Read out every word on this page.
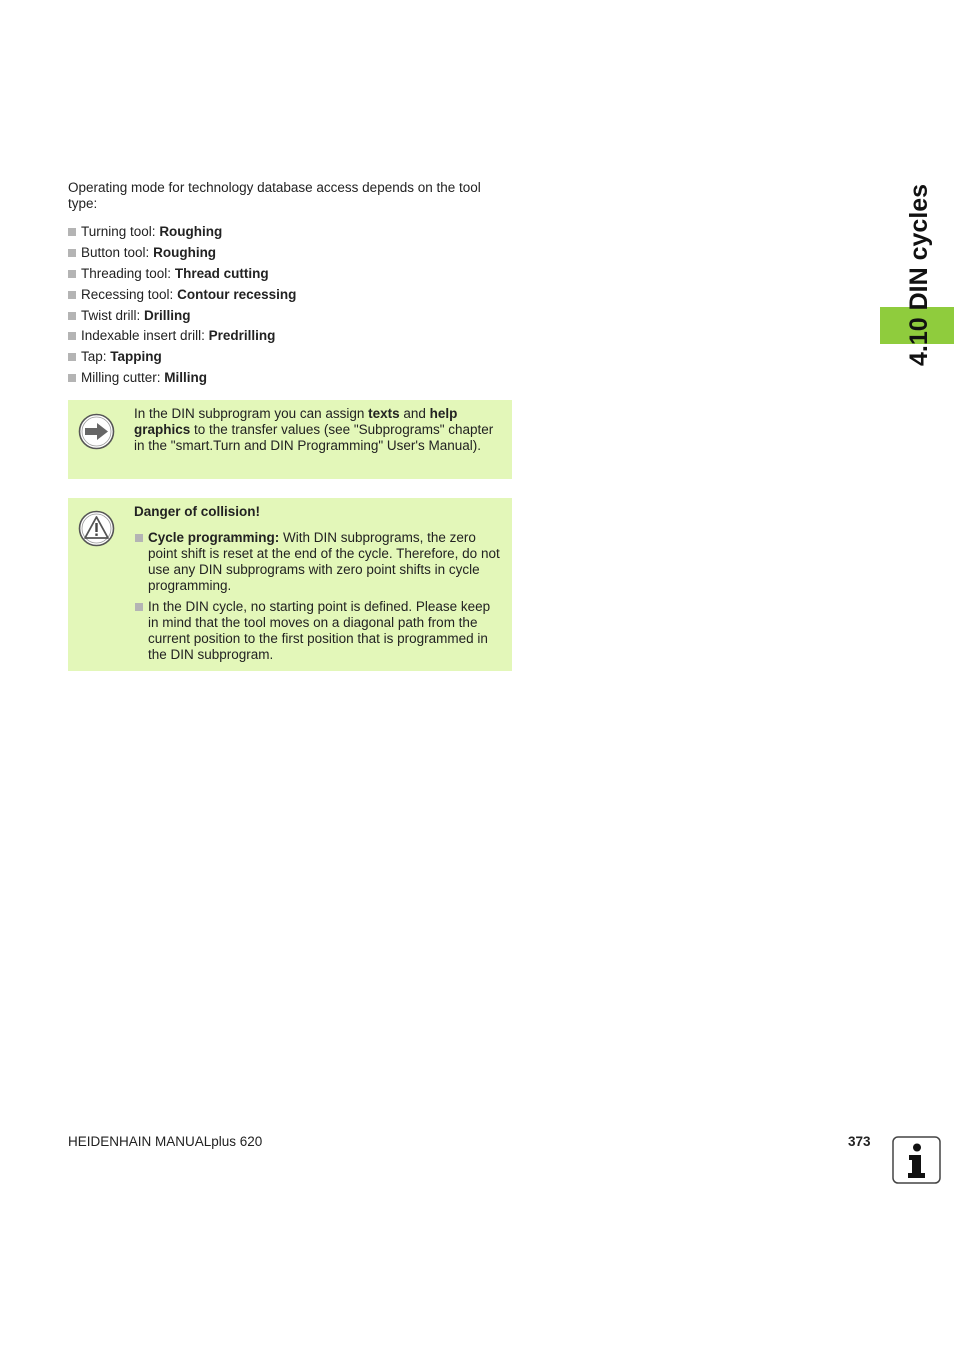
Operating mode for technology database access depends on the tool type:
Turning tool:
Roughing
Button tool:
Roughing
Threading tool:
Thread cutting
Recessing tool:
Contour recessing
Twist drill:
Drilling
Indexable insert drill:
Predrilling
Tap:
Tapping
Milling cutter:
Milling
In the DIN subprogram you can assign texts and help graphics to the transfer values (see "Subprograms" chapter in the "smart.Turn and DIN Programming" User's Manual).
Danger of collision!
Cycle programming: With DIN subprograms, the zero point shift is reset at the end of the cycle. Therefore, do not use any DIN subprograms with zero point shifts in cycle programming.
In the DIN cycle, no starting point is defined. Please keep in mind that the tool moves on a diagonal path from the current position to the first position that is programmed in the DIN subprogram.
4.10 DIN cycles
HEIDENHAIN MANUALplus 620	373
